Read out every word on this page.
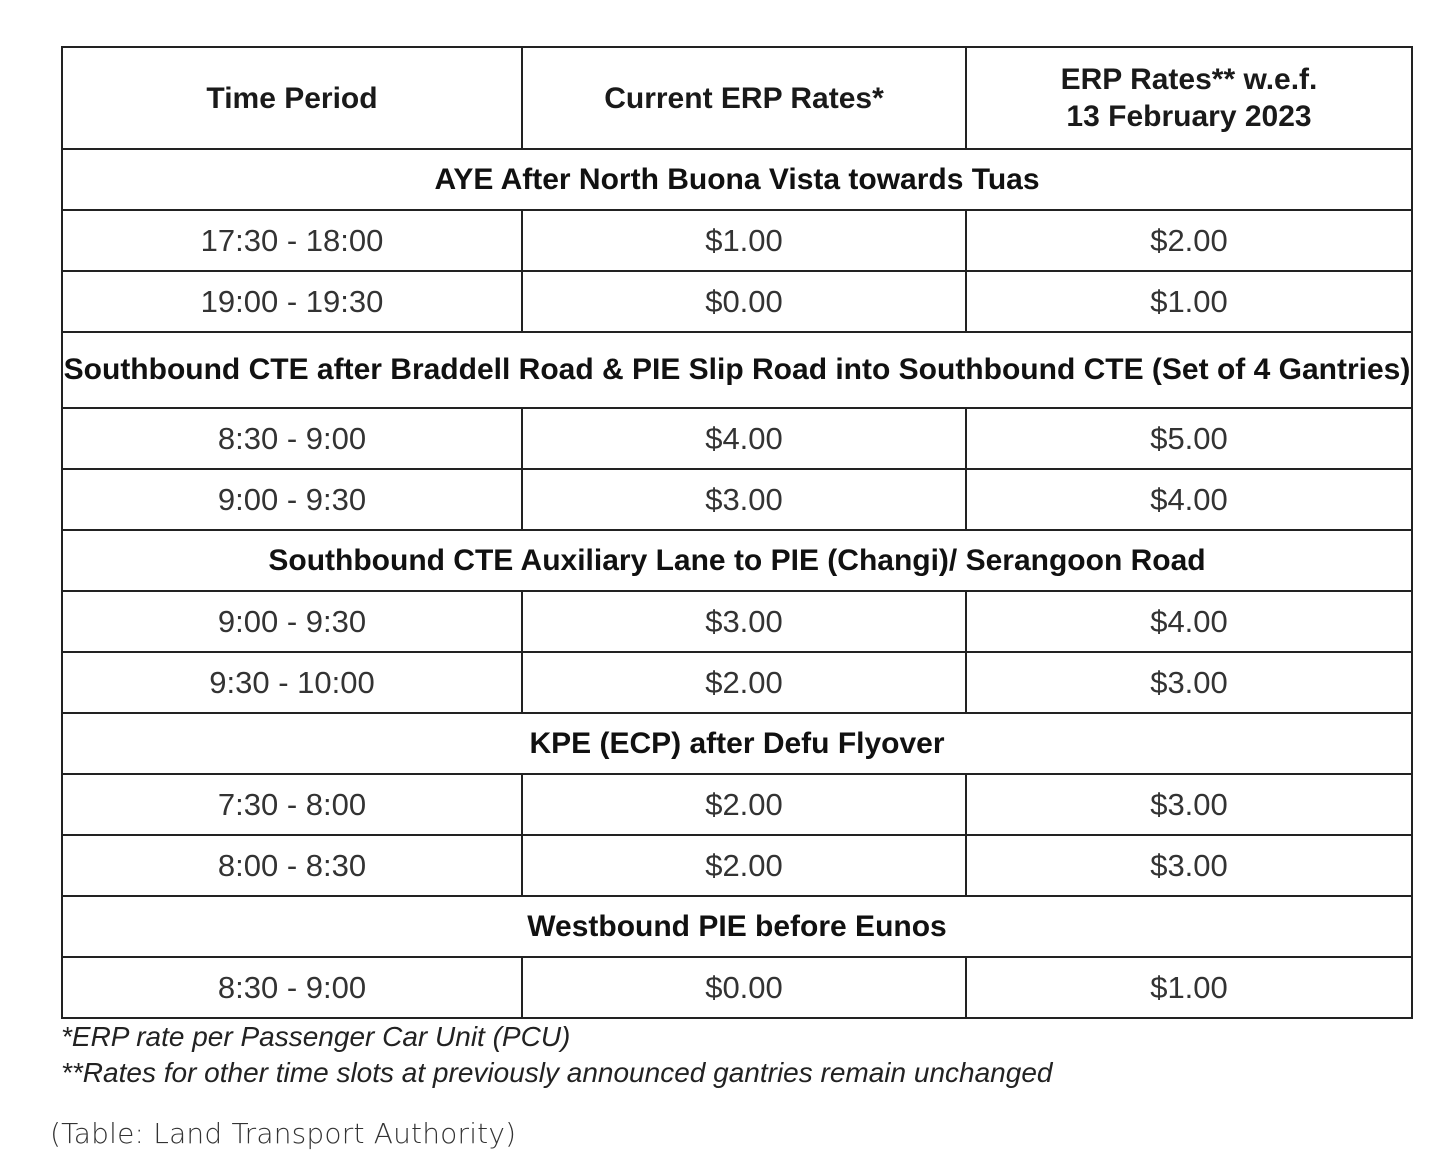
Time Period	Current ERP Rates*	ERP Rates** w.e.f.
13 February 2023
AYE After North Buona Vista towards Tuas		
17:30 - 18:00	$1.00	$2.00
19:00 - 19:30	$0.00	$1.00
Southbound CTE after Braddell Road & PIE Slip Road into Southbound CTE (Set of 4 Gantries)		
8:30 - 9:00	$4.00	$5.00
9:00 - 9:30	$3.00	$4.00
Southbound CTE Auxiliary Lane to PIE (Changi)/ Serangoon Road		
9:00 - 9:30	$3.00	$4.00
9:30 - 10:00	$2.00	$3.00
KPE (ECP) after Defu Flyover		
7:30 - 8:00	$2.00	$3.00
8:00 - 8:30	$2.00	$3.00
Westbound PIE before Eunos		
8:30 - 9:00	$0.00	$1.00
*ERP rate per Passenger Car Unit (PCU)
**Rates for other time slots at previously announced gantries remain unchanged
(Table: Land Transport Authority)
